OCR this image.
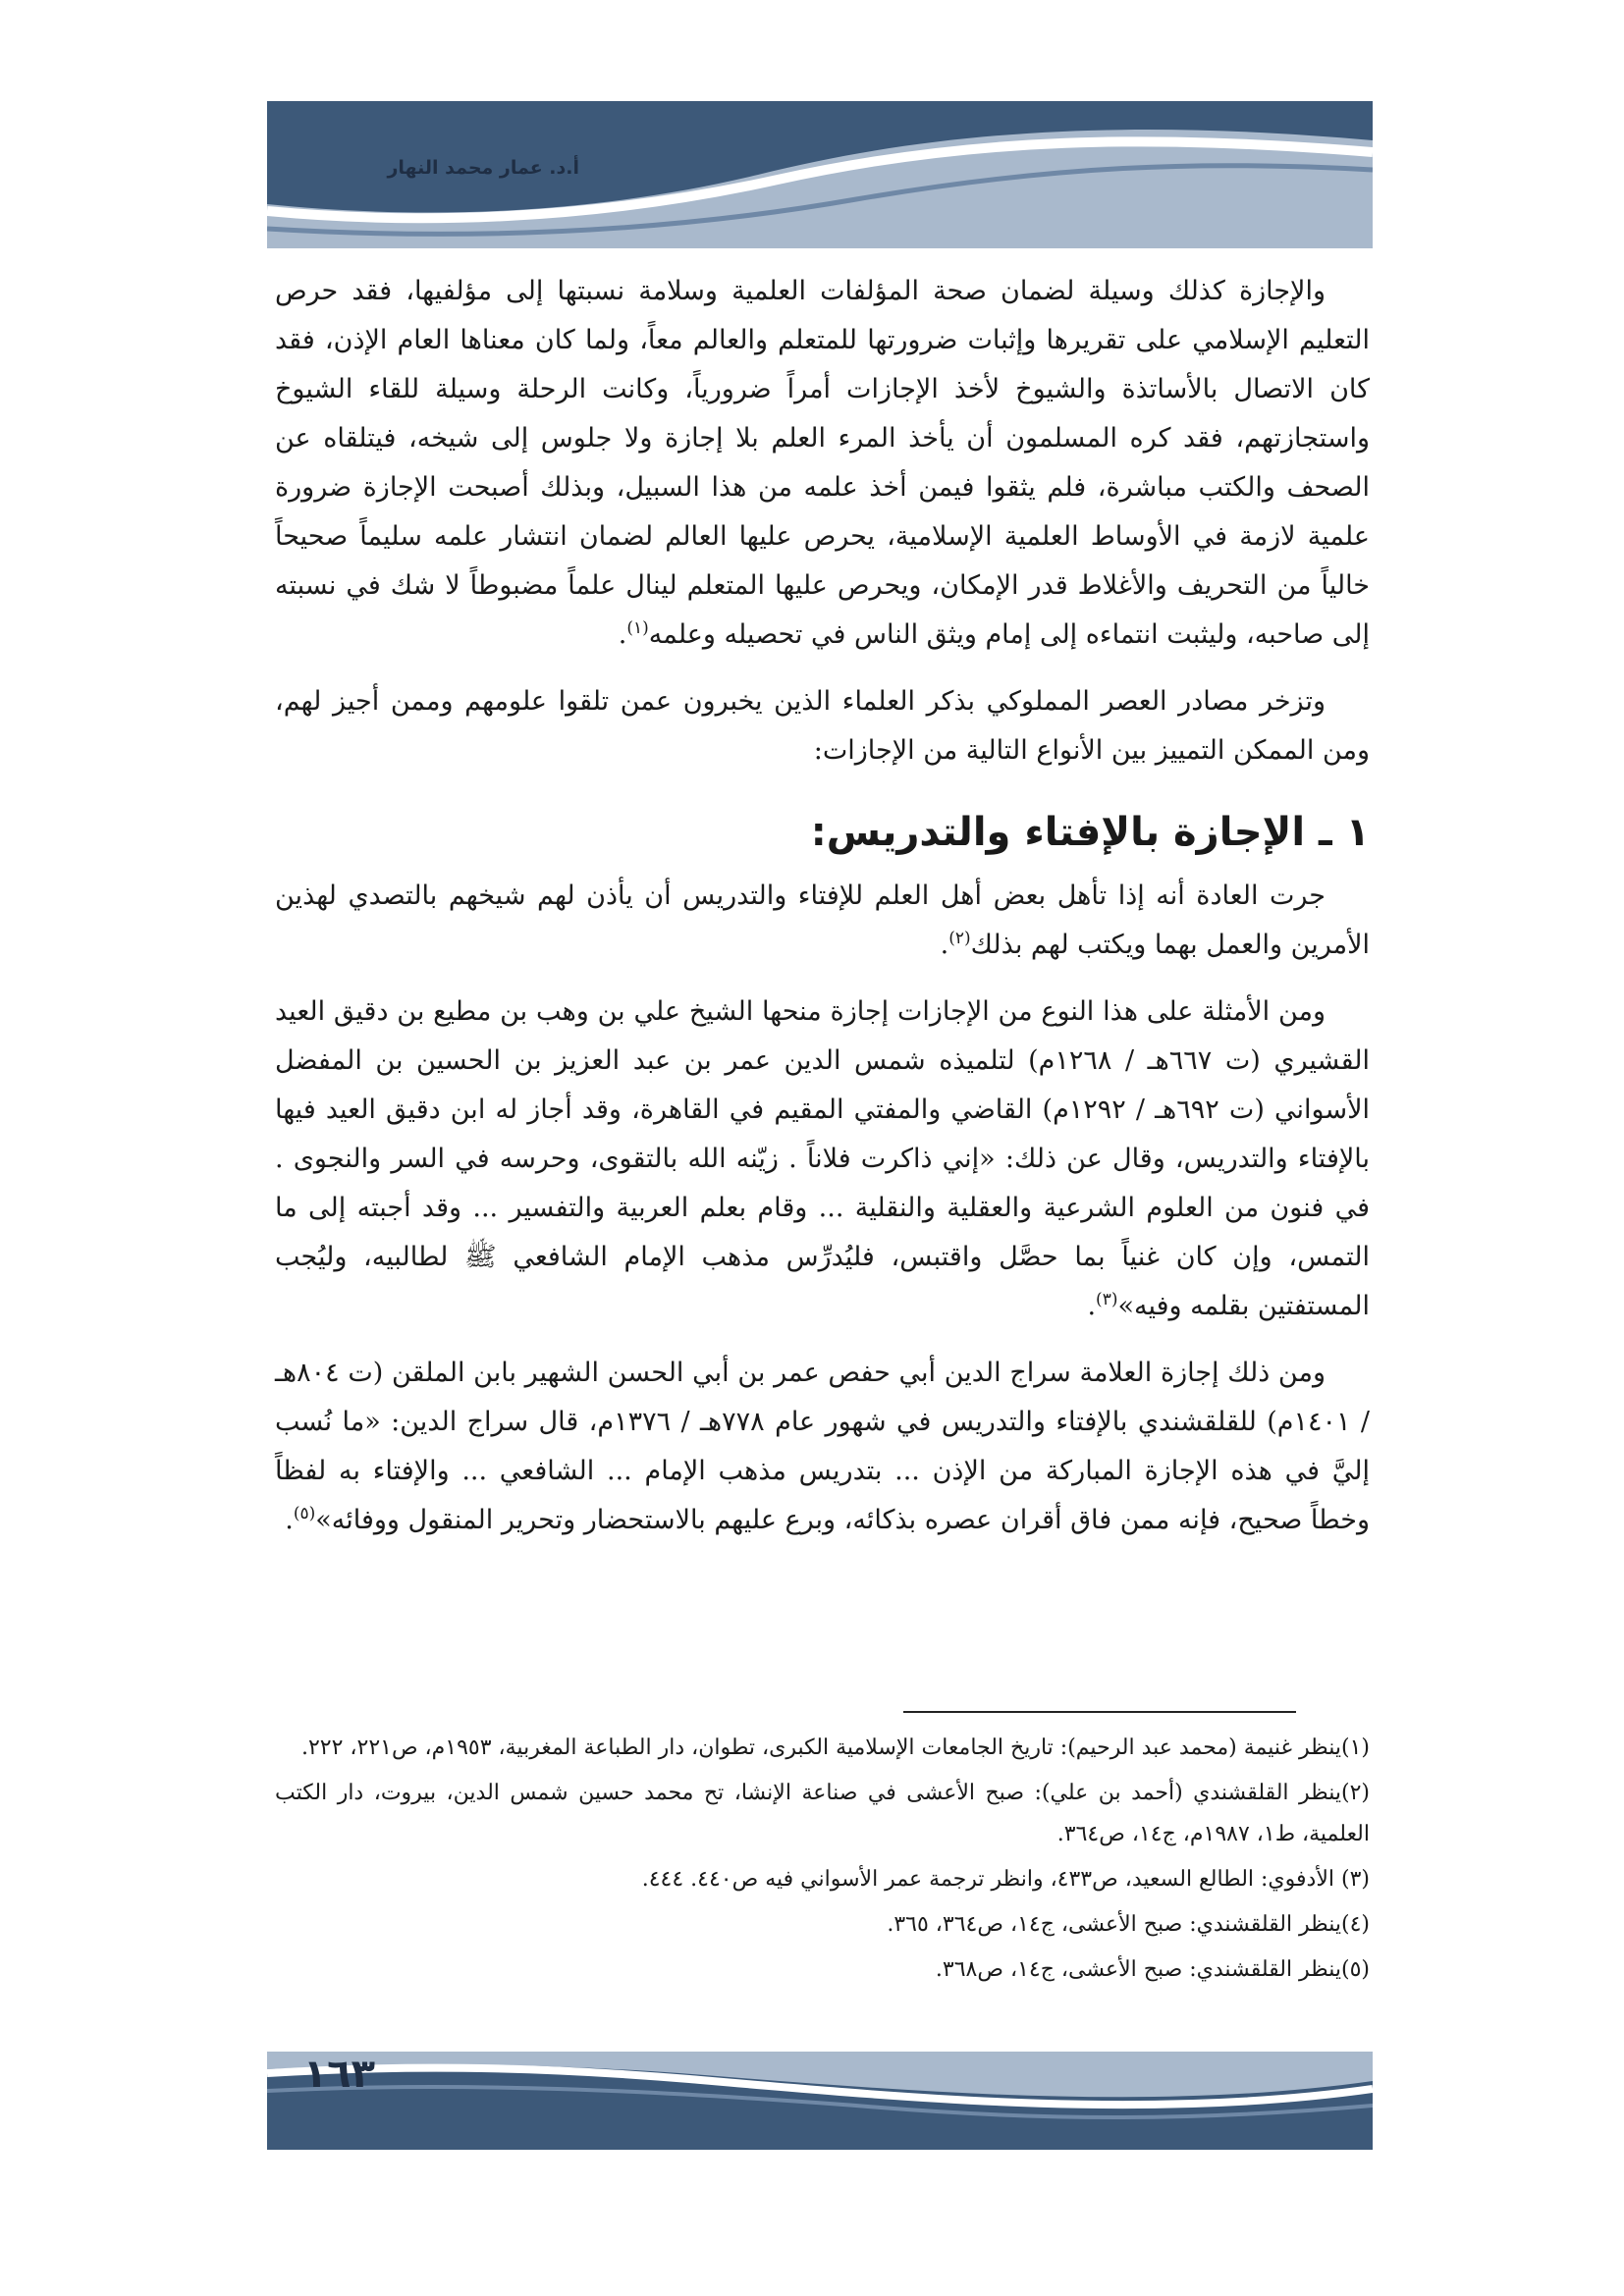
أ.د. عمار محمد النهار

والإجازة كذلك وسيلة لضمان صحة المؤلفات العلمية وسلامة نسبتها إلى مؤلفيها، فقد حرص التعليم الإسلامي على تقريرها وإثبات ضرورتها للمتعلم والعالم معاً، ولما كان معناها العام الإذن، فقد كان الاتصال بالأساتذة والشيوخ لأخذ الإجازات أمراً ضرورياً، وكانت الرحلة وسيلة للقاء الشيوخ واستجازتهم، فقد كره المسلمون أن يأخذ المرء العلم بلا إجازة ولا جلوس إلى شيخه، فيتلقاه عن الصحف والكتب مباشرة، فلم يثقوا فيمن أخذ علمه من هذا السبيل، وبذلك أصبحت الإجازة ضرورة علمية لازمة في الأوساط العلمية الإسلامية، يحرص عليها العالم لضمان انتشار علمه سليماً صحيحاً خالياً من التحريف والأغلاط قدر الإمكان، ويحرص عليها المتعلم لينال علماً مضبوطاً لا شك في نسبته إلى صاحبه، وليثبت انتماءه إلى إمام ويثق الناس في تحصيله وعلمه$^{(١)}$.

وتزخر مصادر العصر المملوكي بذكر العلماء الذين يخبرون عمن تلقوا علومهم وممن أجيز لهم، ومن الممكن التمييز بين الأنواع التالية من الإجازات:

١ ـ الإجازة بالإفتاء والتدريس:

جرت العادة أنه إذا تأهل بعض أهل العلم للإفتاء والتدريس أن يأذن لهم شيخهم بالتصدي لهذين الأمرين والعمل بهما ويكتب لهم بذلك$^{(٢)}$.

ومن الأمثلة على هذا النوع من الإجازات إجازة منحها الشيخ علي بن وهب بن مطيع بن دقيق العيد القشيري (ت ٦٦٧هـ / ١٢٦٨م) لتلميذه شمس الدين عمر بن عبد العزيز بن الحسين بن المفضل الأسواني (ت ٦٩٢هـ / ١٢٩٢م) القاضي والمفتي المقيم في القاهرة، وقد أجاز له ابن دقيق العيد فيها بالإفتاء والتدريس، وقال عن ذلك: «إني ذاكرت فلاناً . زيّنه الله بالتقوى، وحرسه في السر والنجوى . في فنون من العلوم الشرعية والعقلية والنقلية ... وقام بعلم العربية والتفسير ... وقد أجبته إلى ما التمس، وإن كان غنياً بما حصَّل واقتبس، فليُدرِّس مذهب الإمام الشافعي ﷺ لطالبيه، وليُجب المستفتين بقلمه وفيه»$^{(٣)}$.

ومن ذلك إجازة العلامة سراج الدين أبي حفص عمر بن أبي الحسن الشهير بابن الملقن (ت ٨٠٤هـ / ١٤٠١م) للقلقشندي بالإفتاء والتدريس في شهور عام ٧٧٨هـ / ١٣٧٦م، قال سراج الدين: «ما نُسب إليَّ في هذه الإجازة المباركة من الإذن ... بتدريس مذهب الإمام ... الشافعي ... والإفتاء به لفظاً وخطاً صحيح، فإنه ممن فاق أقران عصره بذكائه، وبرع عليهم بالاستحضار وتحرير المنقول ووفائه»$^{(٥)}$.

(١)ينظر غنيمة (محمد عبد الرحيم): تاريخ الجامعات الإسلامية الكبرى، تطوان، دار الطباعة المغربية، ١٩٥٣م، ص٢٢١، ٢٢٢.
(٢)ينظر القلقشندي (أحمد بن علي): صبح الأعشى في صناعة الإنشا، تح محمد حسين شمس الدين، بيروت، دار الكتب العلمية، ط١، ١٩٨٧م، ج١٤، ص٣٦٤.
(٣) الأدفوي: الطالع السعيد، ص٤٣٣، وانظر ترجمة عمر الأسواني فيه ص٤٤٠. ٤٤٤.
(٤)ينظر القلقشندي: صبح الأعشى، ج١٤، ص٣٦٤، ٣٦٥.
(٥)ينظر القلقشندي: صبح الأعشى، ج١٤، ص٣٦٨.
١٦٣
